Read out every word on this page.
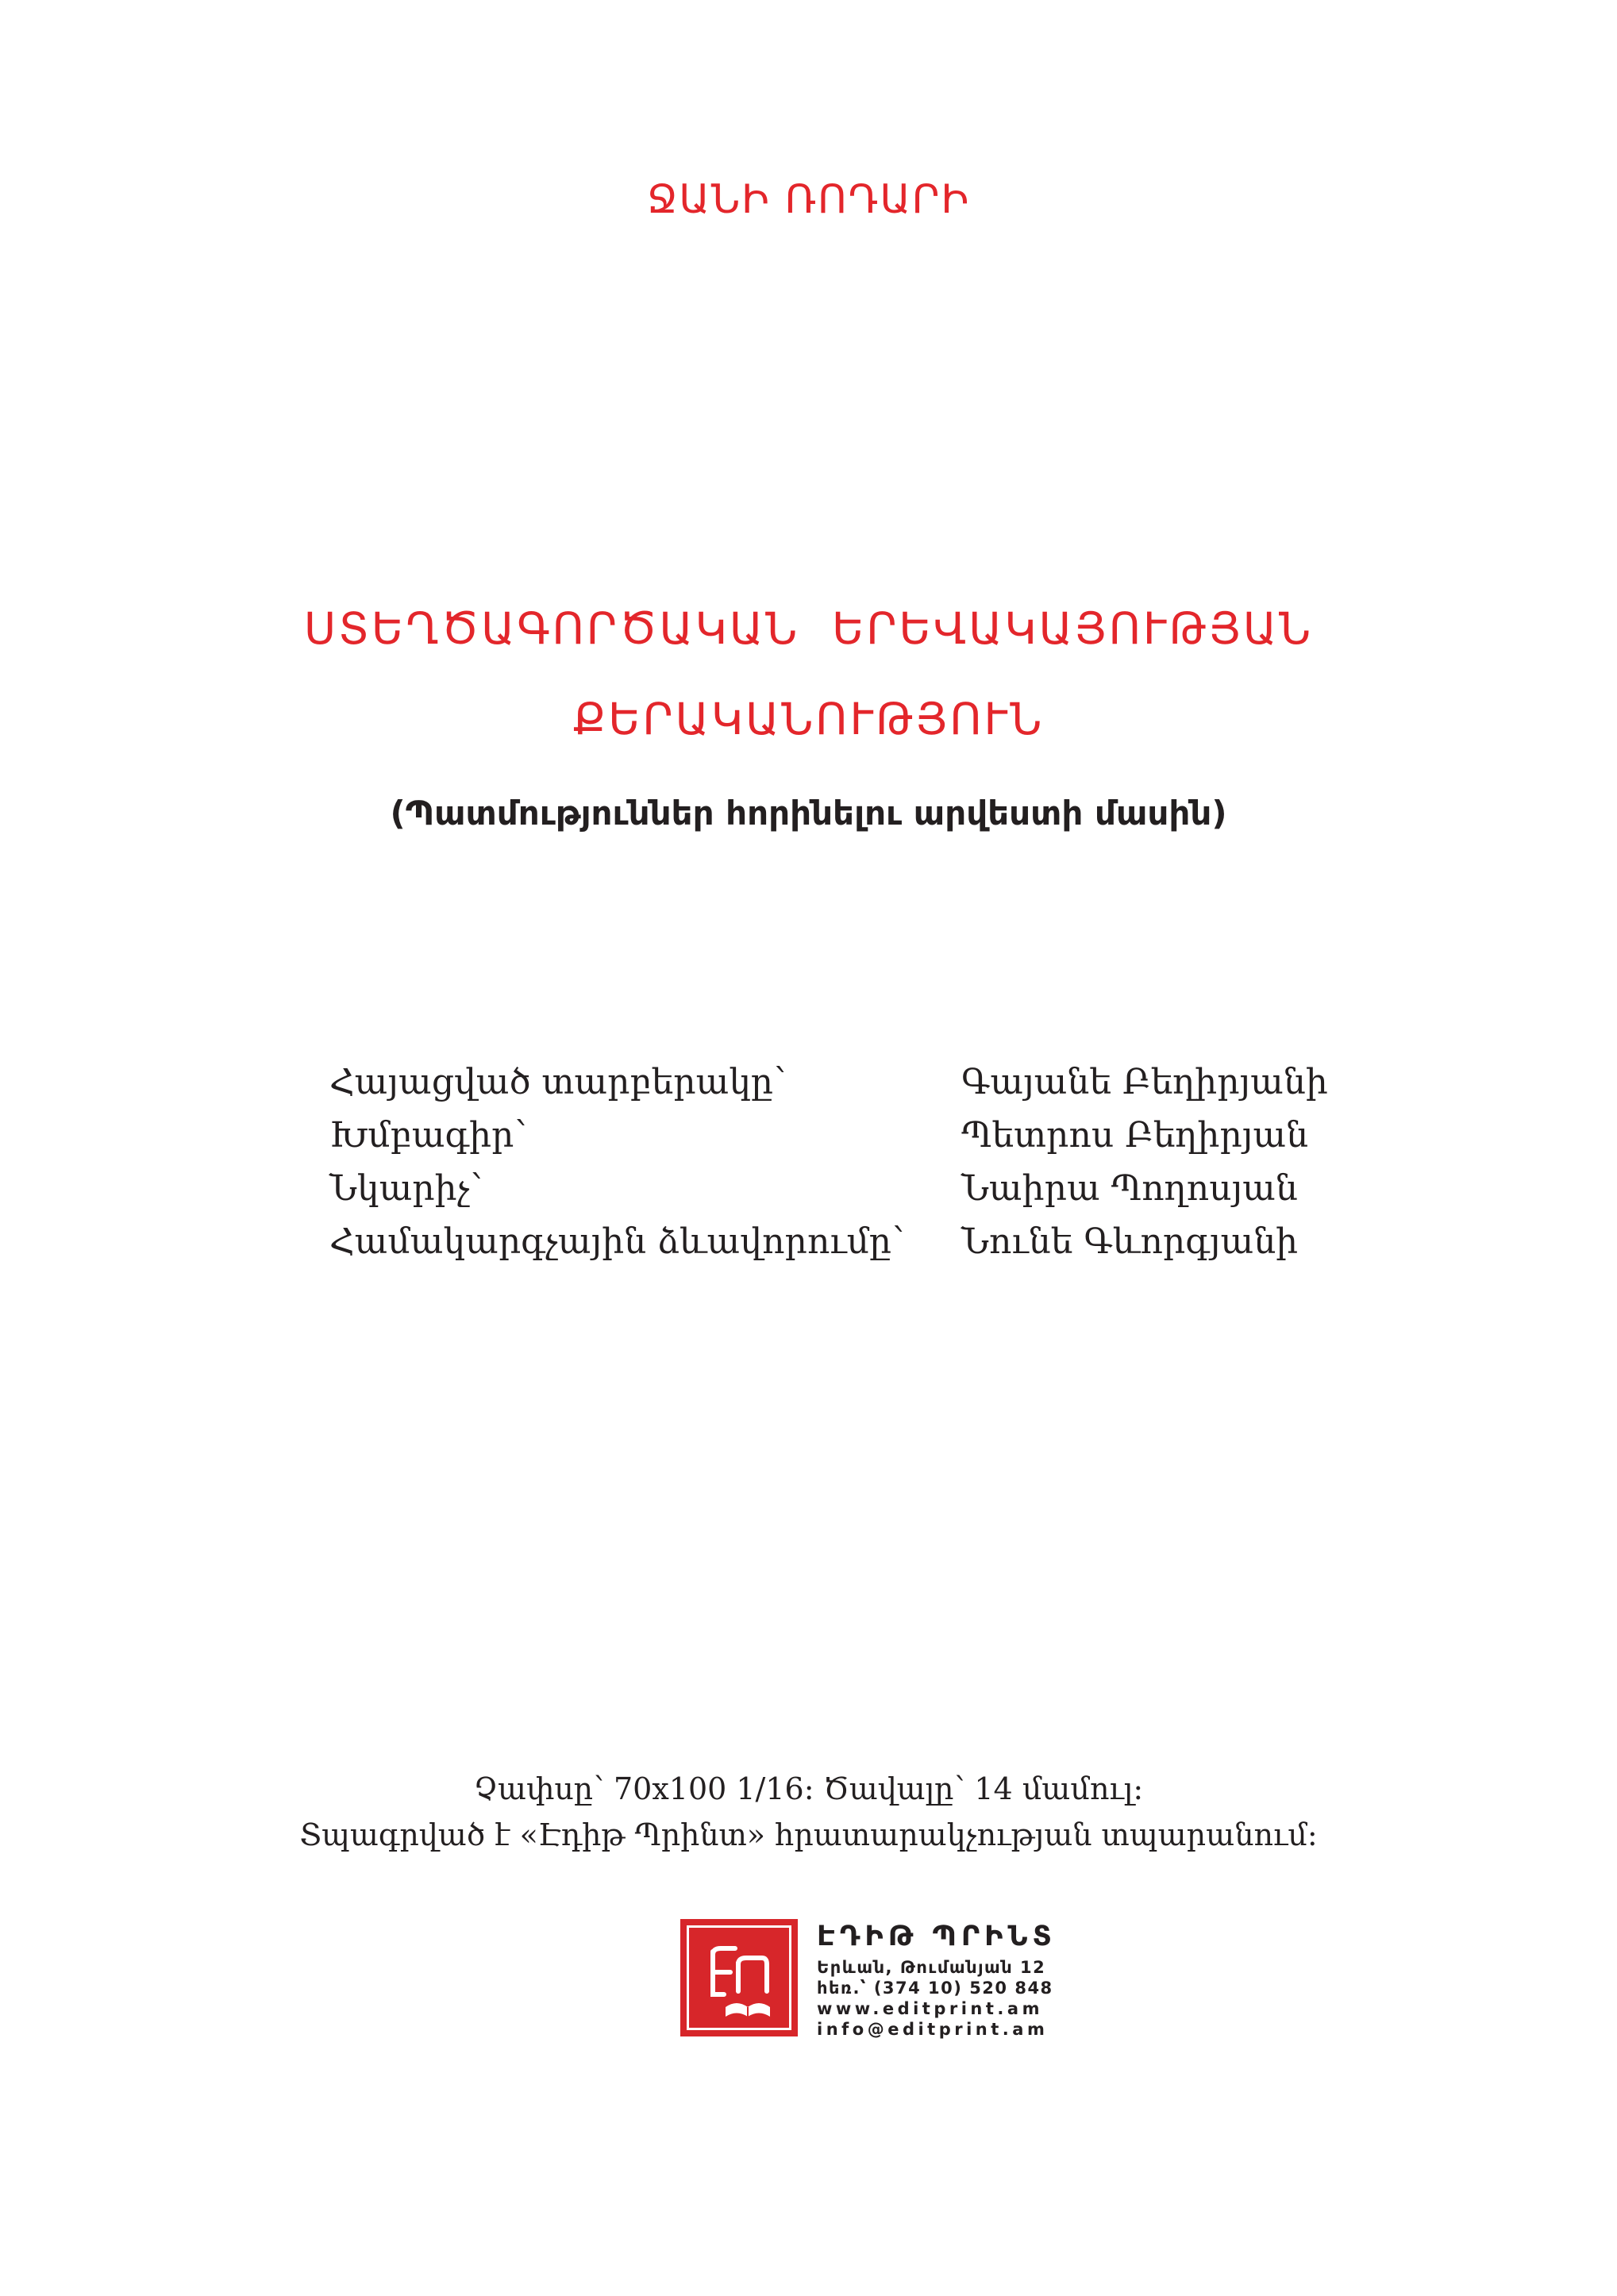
ՋԱՆԻ ՌՈԴԱՐԻ
ՍՏԵՂԾԱԳՈՐԾԱԿԱՆ  ԵՐԵՎԱԿԱՅՈՒԹՅԱՆ
ՔԵՐԱԿԱՆՈՒԹՅՈՒՆ
(Պատմություններ հորինելու արվեստի մասին)
Հայացված տարբերակը՝	Գայանե Բեղիրյանի
Խմբագիր՝	Պետրոս Բեղիրյան
Նկարիչ՝	Նաիրա Պողոսյան
Համակարգչային ձևավորումը՝ Նունե Գևորգյանի
Չափսը՝ 70x100 1/16: Ծավալը՝ 14 մամուլ:
Տպագրված է «Էդիթ Պրինտ» հրատարակչության տպարանում:
ԷԴԻԹ ՊՐԻՆՏ
Երևան, Թումանյան 12
հեռ.՝ (374 10) 520 848
www.editprint.am
info@editprint.am
